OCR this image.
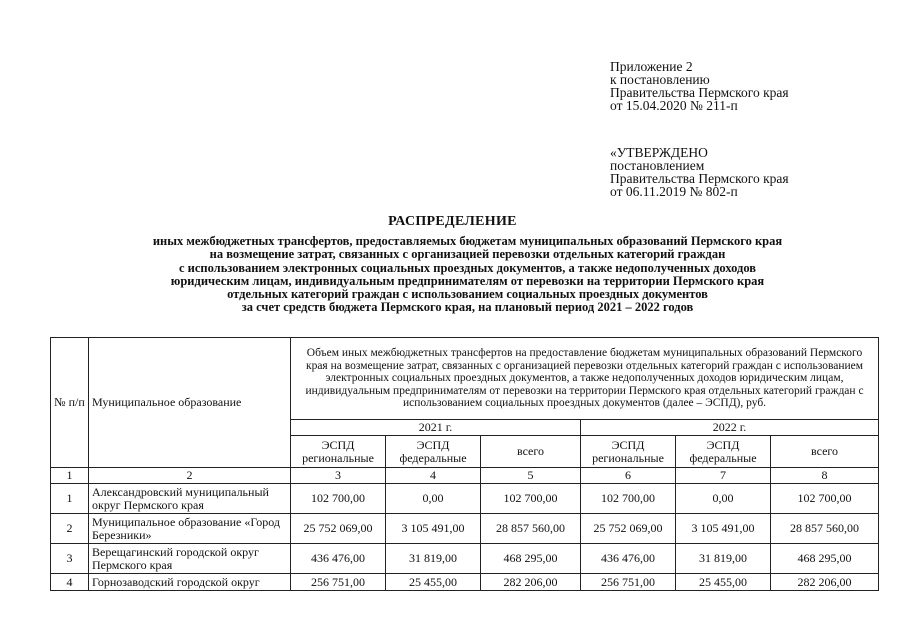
Приложение 2
к постановлению
Правительства Пермского края
от 15.04.2020 № 211-п
«УТВЕРЖДЕНО
постановлением
Правительства Пермского края
от 06.11.2019 № 802-п
РАСПРЕДЕЛЕНИЕ
иных межбюджетных трансфертов, предоставляемых бюджетам муниципальных образований Пермского края
на возмещение затрат, связанных с организацией перевозки отдельных категорий граждан
с использованием электронных социальных проездных документов, а также недополученных доходов
юридическим лицам, индивидуальным предпринимателям от перевозки на территории Пермского края
отдельных категорий граждан с использованием социальных проездных документов
за счет средств бюджета Пермского края, на плановый период 2021 – 2022 годов
№ п/п	Муниципальное образование	Объем иных межбюджетных трансфертов на предоставление бюджетам муниципальных образований Пермского края на возмещение затрат, связанных с организацией перевозки отдельных категорий граждан с использованием электронных социальных проездных документов, а также недополученных доходов юридическим лицам, индивидуальным предпринимателям от перевозки на территории Пермского края отдельных категорий граждан с использованием социальных проездных документов (далее – ЭСПД), руб.					
		2021 г.			2022 г.		
		ЭСПД региональные	ЭСПД федеральные	всего	ЭСПД региональные	ЭСПД федеральные	всего
1	2	3	4	5	6	7	8
1	Александровский муниципальный округ Пермского края	102 700,00	0,00	102 700,00	102 700,00	0,00	102 700,00
2	Муниципальное образование «Город Березники»	25 752 069,00	3 105 491,00	28 857 560,00	25 752 069,00	3 105 491,00	28 857 560,00
3	Верещагинский городской округ Пермского края	436 476,00	31 819,00	468 295,00	436 476,00	31 819,00	468 295,00
4	Горнозаводский городской округ	256 751,00	25 455,00	282 206,00	256 751,00	25 455,00	282 206,00
